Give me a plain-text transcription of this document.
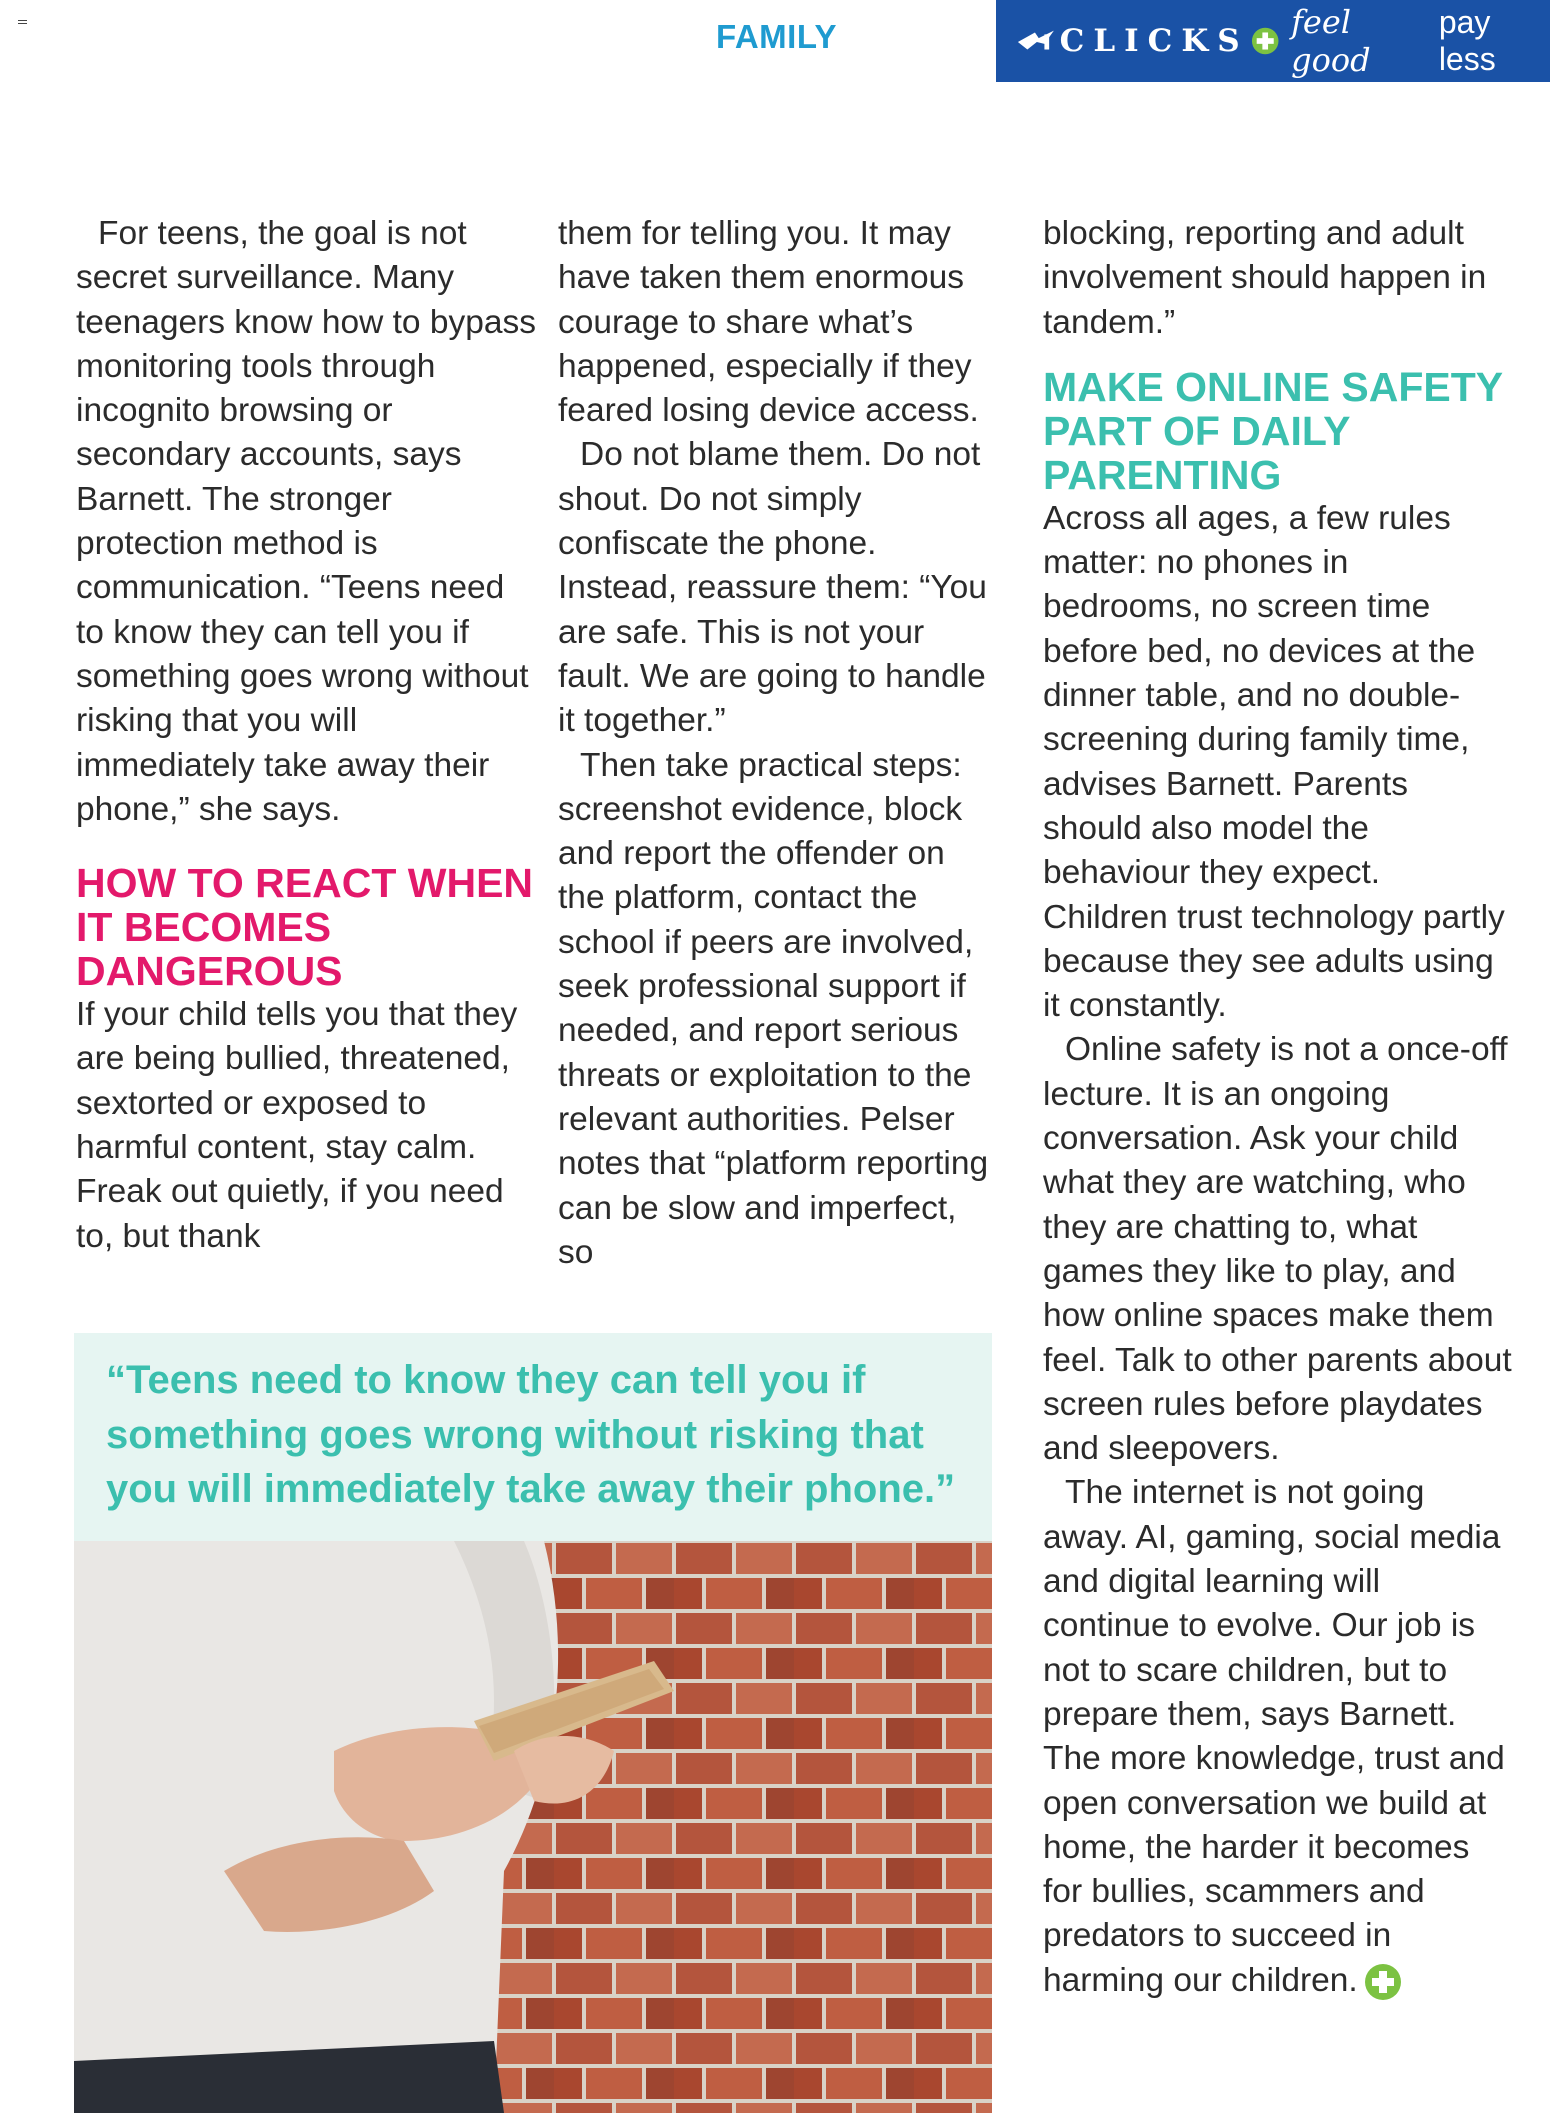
FAMILY	CLICKS feel good
pay less

For teens, the goal is not secret surveillance. Many teenagers know how to bypass monitoring tools through incognito browsing or secondary accounts, says Barnett. The stronger protection method is communication. “Teens need to know they can tell you if something goes wrong without risking that you will immediately take away their phone,” she says.

HOW TO REACT WHEN IT BECOMES DANGEROUS

If your child tells you that they are being bullied, threatened, sextorted or exposed to harmful content, stay calm. Freak out quietly, if you need to, but thank

them for telling you. It may have taken them enormous courage to share what’s happened, especially if they feared losing device access.

Do not blame them. Do not shout. Do not simply confiscate the phone. Instead, reassure them: “You are safe. This is not your fault. We are going to handle it together.”

Then take practical steps: screenshot evidence, block and report the offender on the platform, contact the school if peers are involved, seek professional support if needed, and report serious threats or exploitation to the relevant authorities. Pelser notes that “platform reporting can be slow and imperfect, so

blocking, reporting and adult involvement should happen in tandem.”

MAKE ONLINE SAFETY PART OF DAILY PARENTING

Across all ages, a few rules matter: no phones in bedrooms, no screen time before bed, no devices at the dinner table, and no double-screening during family time, advises Barnett. Parents should also model the behaviour they expect. Children trust technology partly because they see adults using it constantly.

Online safety is not a once-off lecture. It is an ongoing conversation. Ask your child what they are watching, who they are chatting to, what games they like to play, and how online spaces make them feel. Talk to other parents about screen rules before playdates and sleepovers.

The internet is not going away. AI, gaming, social media and digital learning will continue to evolve. Our job is not to scare children, but to prepare them, says Barnett. The more knowledge, trust and open conversation we build at home, the harder it becomes for bullies, scammers and predators to succeed in harming our children.

“Teens need to know they can tell you if something goes wrong without risking that you will immediately take away their phone.”
